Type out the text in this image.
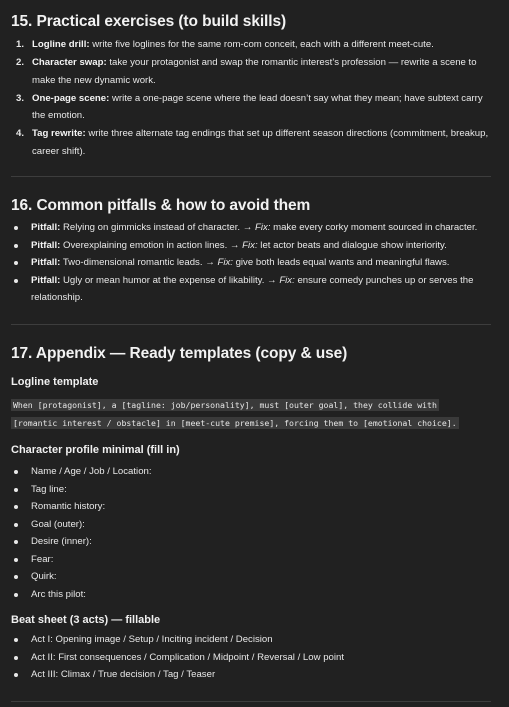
15. Practical exercises (to build skills)
1. Logline drill: write five loglines for the same rom-com conceit, each with a different meet-cute.
2. Character swap: take your protagonist and swap the romantic interest’s profession — rewrite a scene to make the new dynamic work.
3. One-page scene: write a one-page scene where the lead doesn’t say what they mean; have subtext carry the emotion.
4. Tag rewrite: write three alternate tag endings that set up different season directions (commitment, breakup, career shift).
16. Common pitfalls & how to avoid them
Pitfall: Relying on gimmicks instead of character. → Fix: make every corky moment sourced in character.
Pitfall: Overexplaining emotion in action lines. → Fix: let actor beats and dialogue show interiority.
Pitfall: Two-dimensional romantic leads. → Fix: give both leads equal wants and meaningful flaws.
Pitfall: Ugly or mean humor at the expense of likability. → Fix: ensure comedy punches up or serves the relationship.
17. Appendix — Ready templates (copy & use)
Logline template
When [protagonist], a [tagline: job/personality], must [outer goal], they collide with [romantic interest / obstacle] in [meet-cute premise], forcing them to [emotional choice].
Character profile minimal (fill in)
Name / Age / Job / Location:
Tag line:
Romantic history:
Goal (outer):
Desire (inner):
Fear:
Quirk:
Arc this pilot:
Beat sheet (3 acts) — fillable
Act I: Opening image / Setup / Inciting incident / Decision
Act II: First consequences / Complication / Midpoint / Reversal / Low point
Act III: Climax / True decision / Tag / Teaser
